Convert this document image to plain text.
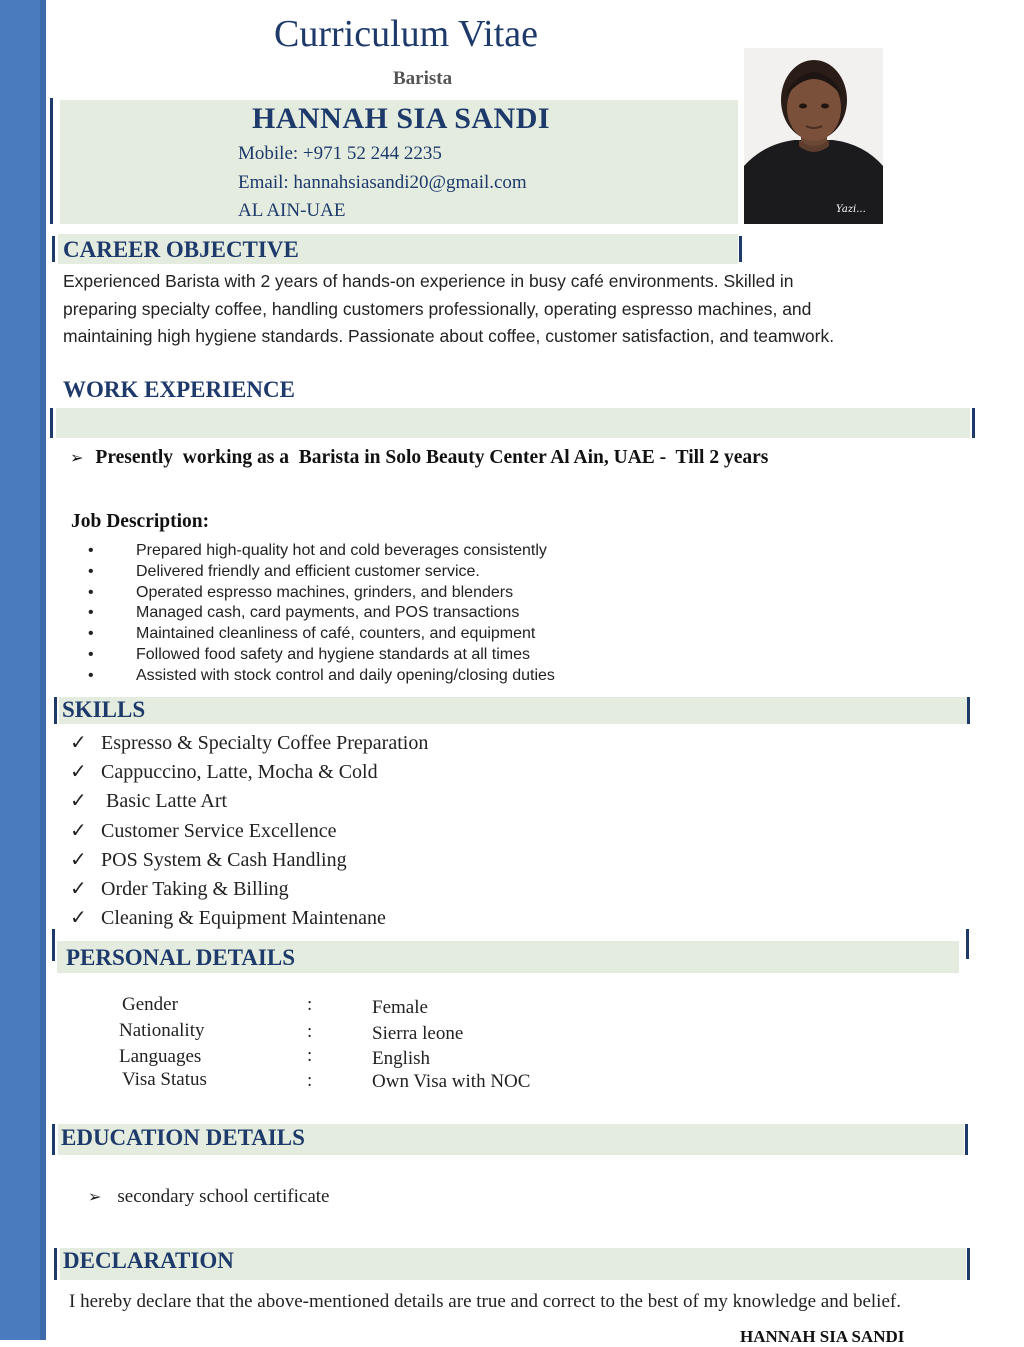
Curriculum Vitae
Barista
HANNAH SIA SANDI
Mobile: +971 52 244 2235
Email: hannahsiasandi20@gmail.com
AL AIN-UAE	Yazi...
CAREER OBJECTIVE
Experienced Barista with 2 years of hands-on experience in busy café environments. Skilled in
preparing specialty coffee, handling customers professionally, operating espresso machines, and
maintaining high hygiene standards. Passionate about coffee, customer satisfaction, and teamwork.
WORK EXPERIENCE
➢ Presently  working as a  Barista in Solo Beauty Center Al Ain, UAE -  Till 2 years
Job Description:
• Prepared high-quality hot and cold beverages consistently
• Delivered friendly and efficient customer service.
• Operated espresso machines, grinders, and blenders
• Managed cash, card payments, and POS transactions
• Maintained cleanliness of café, counters, and equipment
• Followed food safety and hygiene standards at all times
• Assisted with stock control and daily opening/closing duties
SKILLS
✓ Espresso & Specialty Coffee Preparation
✓ Cappuccino, Latte, Mocha & Cold
✓ Basic Latte Art
✓ Customer Service Excellence
✓ POS System & Cash Handling
✓ Order Taking & Billing
✓ Cleaning & Equipment Maintenane
PERSONAL DETAILS
Gender	:	Female
Nationality	:	Sierra leone
Languages	:	English
Visa Status	:	Own Visa with NOC
EDUCATION DETAILS
➢ secondary school certificate
DECLARATION
I hereby declare that the above-mentioned details are true and correct to the best of my knowledge and belief.
HANNAH SIA SANDI
